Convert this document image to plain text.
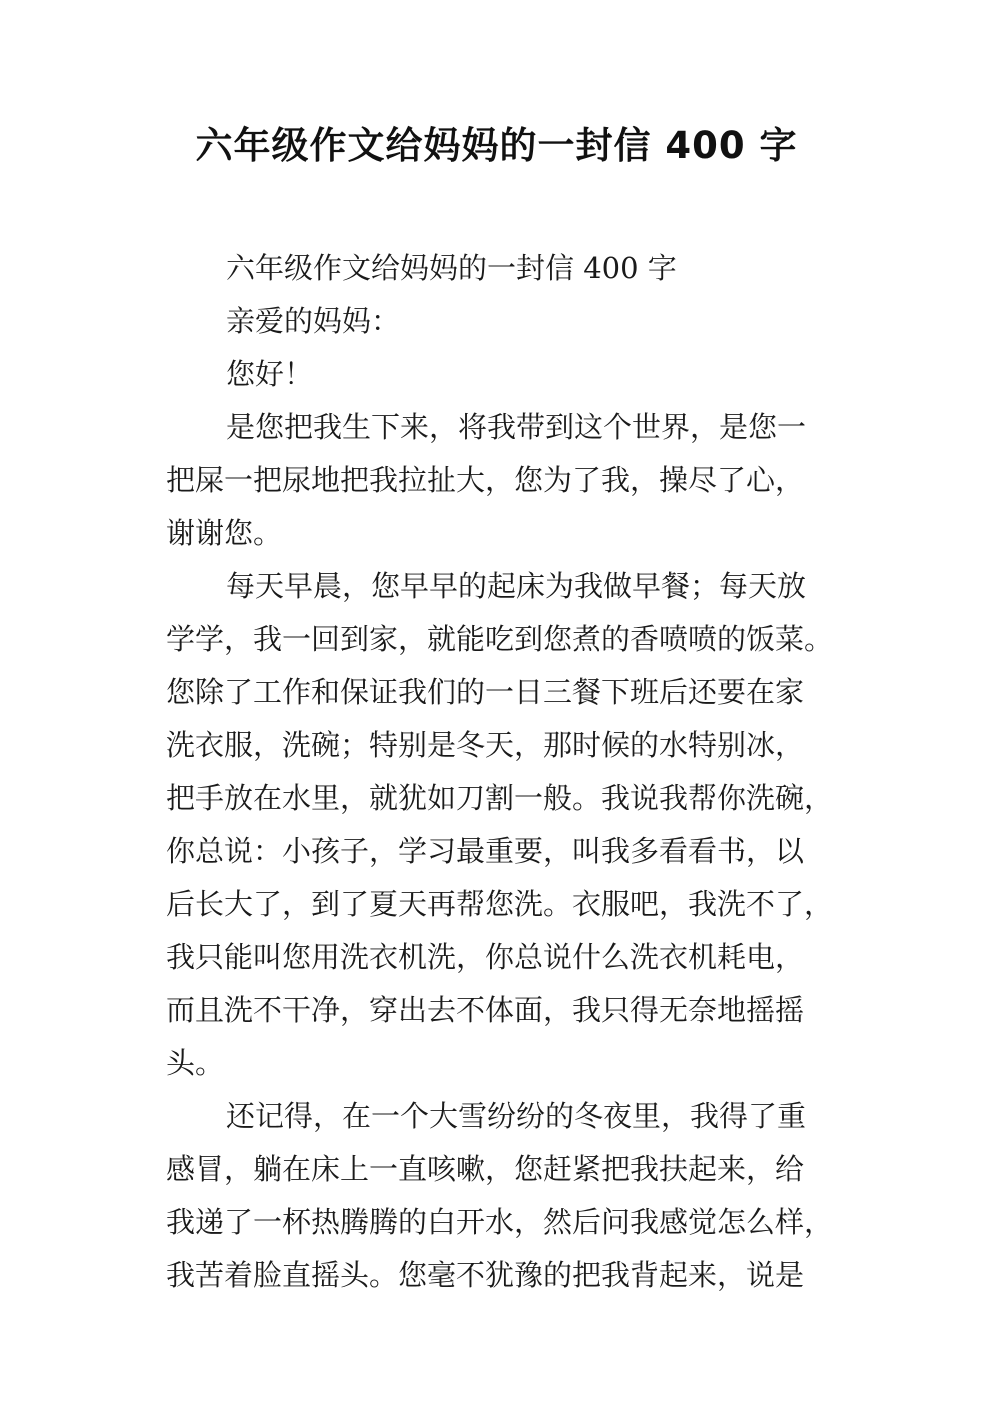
六年级作文给妈妈的一封信 400 字
六年级作文给妈妈的一封信 400 字
亲爱的妈妈：
您好！
是您把我生下来，将我带到这个世界，是您一
把屎一把尿地把我拉扯大，您为了我，操尽了心，
谢谢您。
每天早晨，您早早的起床为我做早餐；每天放
学学，我一回到家，就能吃到您煮的香喷喷的饭菜。
您除了工作和保证我们的一日三餐下班后还要在家
洗衣服，洗碗；特别是冬天，那时候的水特别冰，
把手放在水里，就犹如刀割一般。我说我帮你洗碗，
你总说：小孩子，学习最重要，叫我多看看书，以
后长大了，到了夏天再帮您洗。衣服吧，我洗不了，
我只能叫您用洗衣机洗，你总说什么洗衣机耗电，
而且洗不干净，穿出去不体面，我只得无奈地摇摇
头。
还记得，在一个大雪纷纷的冬夜里，我得了重
感冒，躺在床上一直咳嗽，您赶紧把我扶起来，给
我递了一杯热腾腾的白开水，然后问我感觉怎么样，
我苦着脸直摇头。您毫不犹豫的把我背起来，说是
